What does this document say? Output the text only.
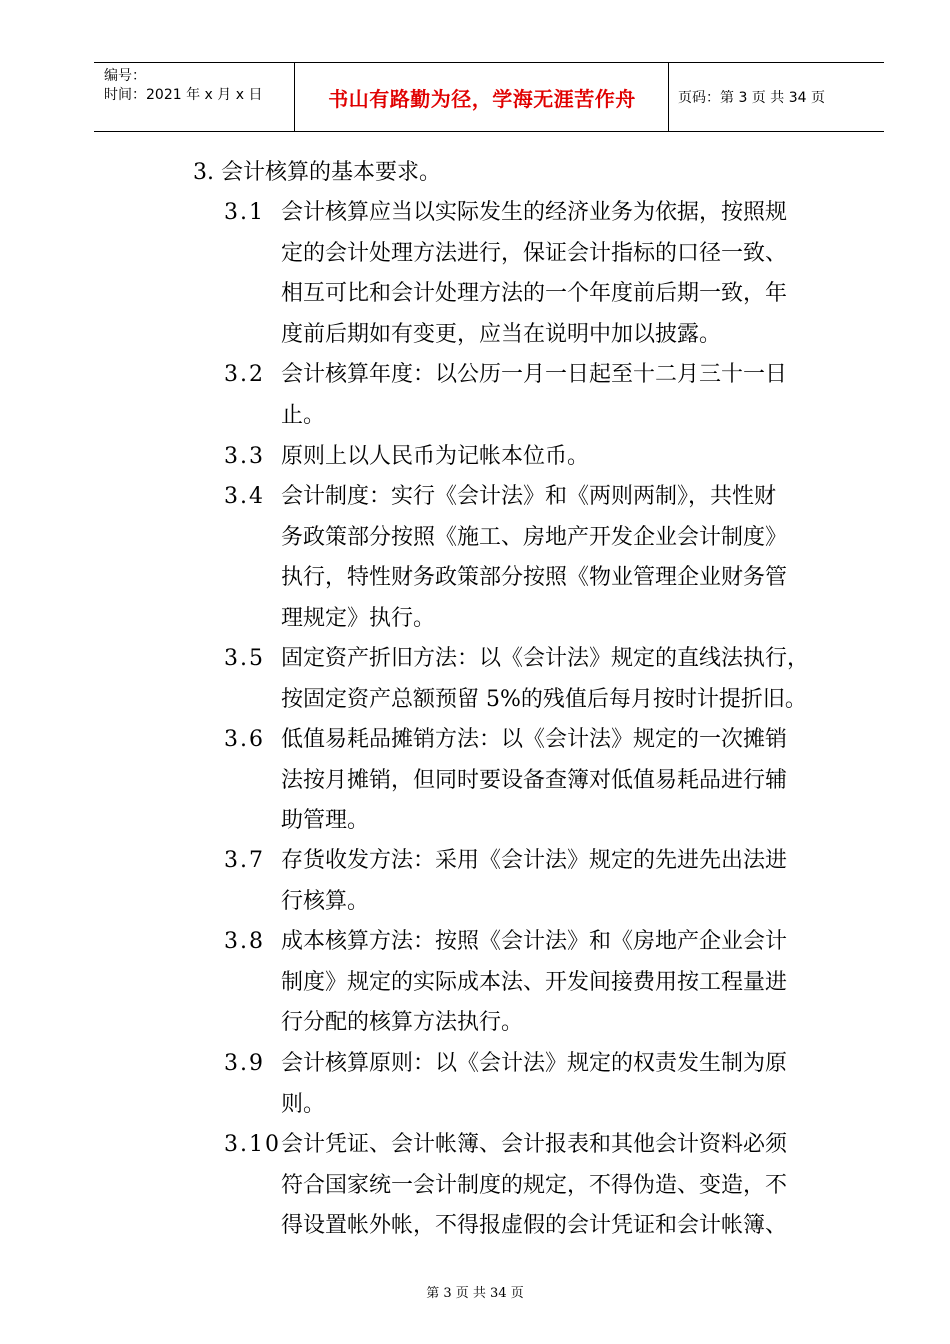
编号：
时间：2021 年 x 月 x 日	书山有路勤为径，学海无涯苦作舟	页码：第 3 页 共 34 页
3. 会计核算的基本要求。
3.1 会计核算应当以实际发生的经济业务为依据，按照规
定的会计处理方法进行，保证会计指标的口径一致、
相互可比和会计处理方法的一个年度前后期一致，年
度前后期如有变更，应当在说明中加以披露。
3.2 会计核算年度：以公历一月一日起至十二月三十一日
止。
3.3 原则上以人民币为记帐本位币。
3.4 会计制度：实行《会计法》和《两则两制》，共性财
务政策部分按照《施工、房地产开发企业会计制度》
执行，特性财务政策部分按照《物业管理企业财务管
理规定》执行。
3.5 固定资产折旧方法：以《会计法》规定的直线法执行，
按固定资产总额预留 5%的残值后每月按时计提折旧。
3.6 低值易耗品摊销方法：以《会计法》规定的一次摊销
法按月摊销，但同时要设备查簿对低值易耗品进行辅
助管理。
3.7 存货收发方法：采用《会计法》规定的先进先出法进
行核算。
3.8 成本核算方法：按照《会计法》和《房地产企业会计
制度》规定的实际成本法、开发间接费用按工程量进
行分配的核算方法执行。
3.9 会计核算原则：以《会计法》规定的权责发生制为原
则。
3.10 会计凭证、会计帐簿、会计报表和其他会计资料必须
符合国家统一会计制度的规定，不得伪造、变造，不
得设置帐外帐，不得报虚假的会计凭证和会计帐簿、
第 3 页 共 34 页
